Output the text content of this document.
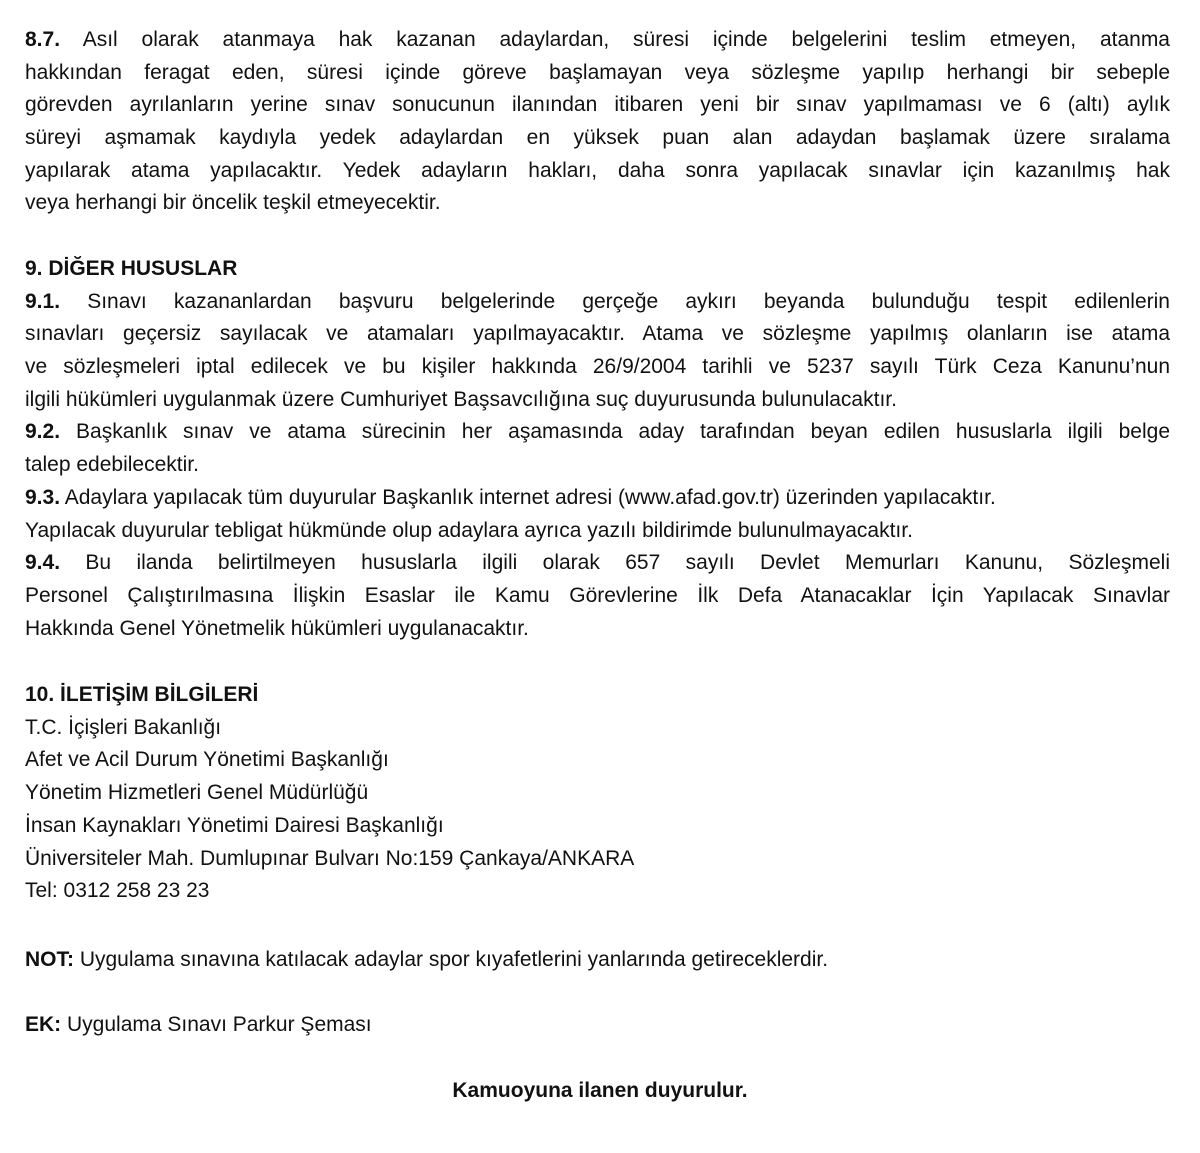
8.7. Asıl olarak atanmaya hak kazanan adaylardan, süresi içinde belgelerini teslim etmeyen, atanma
hakkından feragat eden, süresi içinde göreve başlamayan veya sözleşme yapılıp herhangi bir sebeple
görevden ayrılanların yerine sınav sonucunun ilanından itibaren yeni bir sınav yapılmaması ve 6 (altı) aylık
süreyi aşmamak kaydıyla yedek adaylardan en yüksek puan alan adaydan başlamak üzere sıralama
yapılarak atama yapılacaktır. Yedek adayların hakları, daha sonra yapılacak sınavlar için kazanılmış hak
veya herhangi bir öncelik teşkil etmeyecektir.
9. DİĞER HUSUSLAR
9.1. Sınavı kazananlardan başvuru belgelerinde gerçeğe aykırı beyanda bulunduğu tespit edilenlerin
sınavları geçersiz sayılacak ve atamaları yapılmayacaktır. Atama ve sözleşme yapılmış olanların ise atama
ve sözleşmeleri iptal edilecek ve bu kişiler hakkında 26/9/2004 tarihli ve 5237 sayılı Türk Ceza Kanunu’nun
ilgili hükümleri uygulanmak üzere Cumhuriyet Başsavcılığına suç duyurusunda bulunulacaktır.
9.2. Başkanlık sınav ve atama sürecinin her aşamasında aday tarafından beyan edilen hususlarla ilgili belge
talep edebilecektir.
9.3. Adaylara yapılacak tüm duyurular Başkanlık internet adresi (www.afad.gov.tr) üzerinden yapılacaktır.
Yapılacak duyurular tebligat hükmünde olup adaylara ayrıca yazılı bildirimde bulunulmayacaktır.
9.4. Bu ilanda belirtilmeyen hususlarla ilgili olarak 657 sayılı Devlet Memurları Kanunu, Sözleşmeli
Personel Çalıştırılmasına İlişkin Esaslar ile Kamu Görevlerine İlk Defa Atanacaklar İçin Yapılacak Sınavlar
Hakkında Genel Yönetmelik hükümleri uygulanacaktır.

10. İLETİŞİM BİLGİLERİ

T.C. İçişleri Bakanlığı

Afet ve Acil Durum Yönetimi Başkanlığı

Yönetim Hizmetleri Genel Müdürlüğü

İnsan Kaynakları Yönetimi Dairesi Başkanlığı

Üniversiteler Mah. Dumlupınar Bulvarı No:159 Çankaya/ANKARA

Tel: 0312 258 23 23

NOT: Uygulama sınavına katılacak adaylar spor kıyafetlerini yanlarında getireceklerdir.

EK: Uygulama Sınavı Parkur Şeması

Kamuoyuna ilanen duyurulur.
